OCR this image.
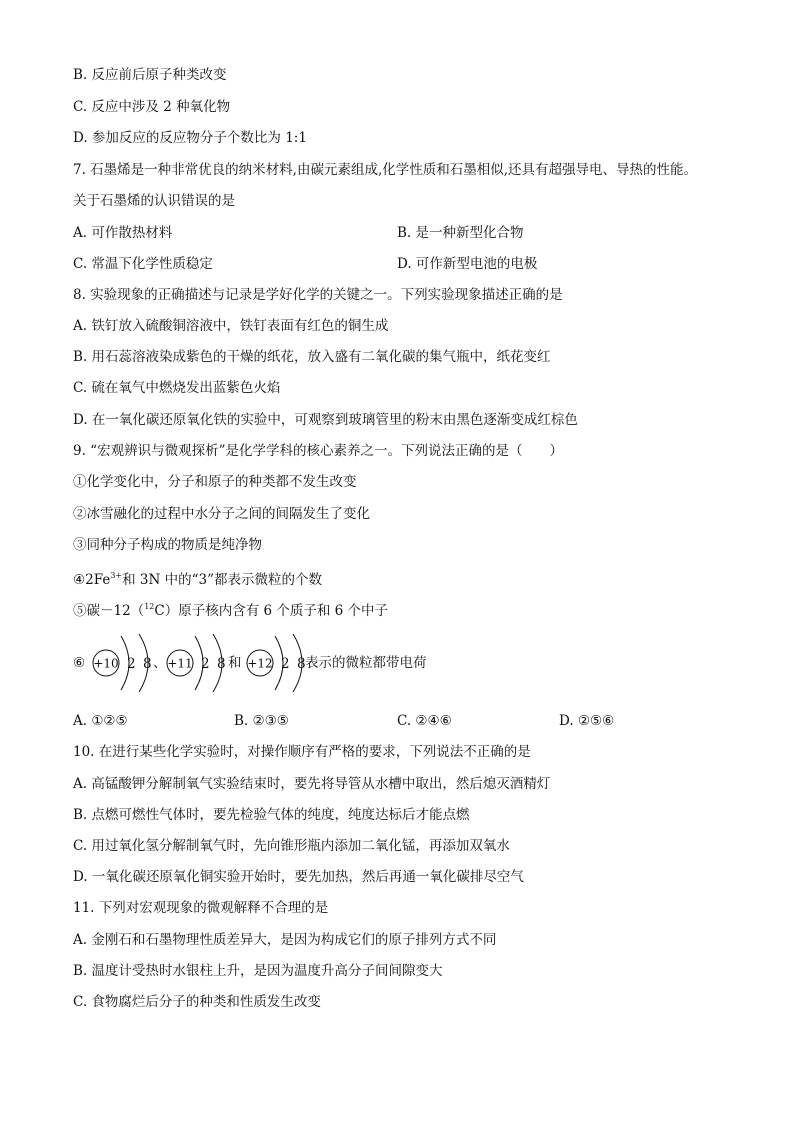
B. 反应前后原子种类改变
C. 反应中涉及 2 种氧化物
D. 参加反应的反应物分子个数比为 1:1
7. 石墨烯是一种非常优良的纳米材料,由碳元素组成,化学性质和石墨相似,还具有超强导电、导热的性能。
关于石墨烯的认识错误的是
A. 可作散热材料	B. 是一种新型化合物
C. 常温下化学性质稳定	D. 可作新型电池的电极
8. 实验现象的正确描述与记录是学好化学的关键之一。下列实验现象描述正确的是
A. 铁钉放入硫酸铜溶液中，铁钉表面有红色的铜生成
B. 用石蕊溶液染成紫色的干燥的纸花，放入盛有二氧化碳的集气瓶中，纸花变红
C. 硫在氧气中燃烧发出蓝紫色火焰
D. 在一氧化碳还原氧化铁的实验中，可观察到玻璃管里的粉末由黑色逐渐变成红棕色
9. “宏观辨识与微观探析”是化学学科的核心素养之一。下列说法正确的是（　　）
①化学变化中，分子和原子的种类都不发生改变
②冰雪融化的过程中水分子之间的间隔发生了变化
③同种分子构成的物质是纯净物
$④2Fe^{3+}$和 3N 中的“3”都表示微粒的个数
⑤碳－12（$^{12}$C）原子核内含有 6 个质子和 6 个中子
⑥ +10 2 8 、 +11 2 8 和 +12 2 8 表示的微粒都带电荷
A. ①②⑤	B. ②③⑤	C. ②④⑥	D. ②⑤⑥
10. 在进行某些化学实验时，对操作顺序有严格的要求，下列说法不正确的是
A. 高锰酸钾分解制氧气实验结束时，要先将导管从水槽中取出，然后熄灭酒精灯
B. 点燃可燃性气体时，要先检验气体的纯度，纯度达标后才能点燃
C. 用过氧化氢分解制氧气时，先向锥形瓶内添加二氧化锰，再添加双氧水
D. 一氧化碳还原氧化铜实验开始时，要先加热，然后再通一氧化碳排尽空气
11. 下列对宏观现象的微观解释不合理的是
A. 金刚石和石墨物理性质差异大，是因为构成它们的原子排列方式不同
B. 温度计受热时水银柱上升，是因为温度升高分子间间隙变大
C. 食物腐烂后分子的种类和性质发生改变
